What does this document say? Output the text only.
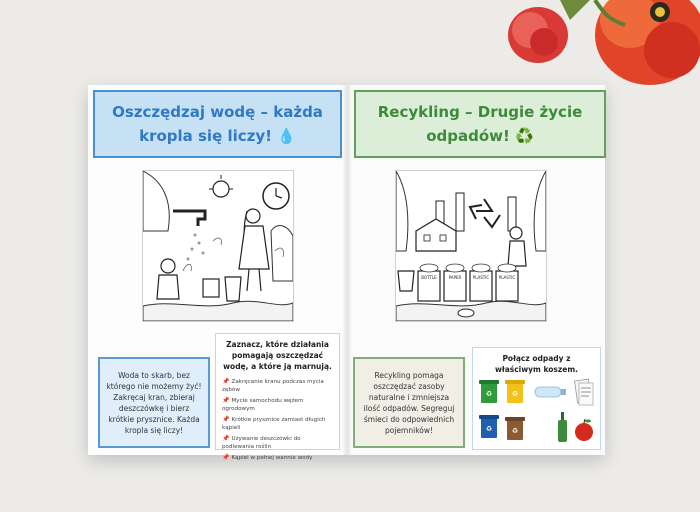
Oszczędzaj wodę – każda kropla się liczy! 💧
Woda to skarb, bez którego nie możemy żyć! Zakręcaj kran, zbieraj deszczówkę i bierz krótkie prysznice. Każda kropla się liczy!
Zaznacz, które działania pomagają oszczędzać wodę, a które ją marnują.
📌 Zakręcanie kranu podczas mycia zębów
📌 Mycie samochodu wężem ogrodowym
📌 Krótkie prysznice zamiast długich kąpieli
📌 Używanie deszczówki do podlewania roślin
📌 Kąpiel w pełnej wannie wody
Recykling – Drugie życie odpadów! ♻️
BOTTLE	PAPER	PLASTIC PLASTIC
Recykling pomaga oszczędzać zasoby naturalne i zmniejsza ilość odpadów. Segreguj śmieci do odpowiednich pojemników!
Połącz odpady z właściwym koszem.
♻	♻
♻	♻
